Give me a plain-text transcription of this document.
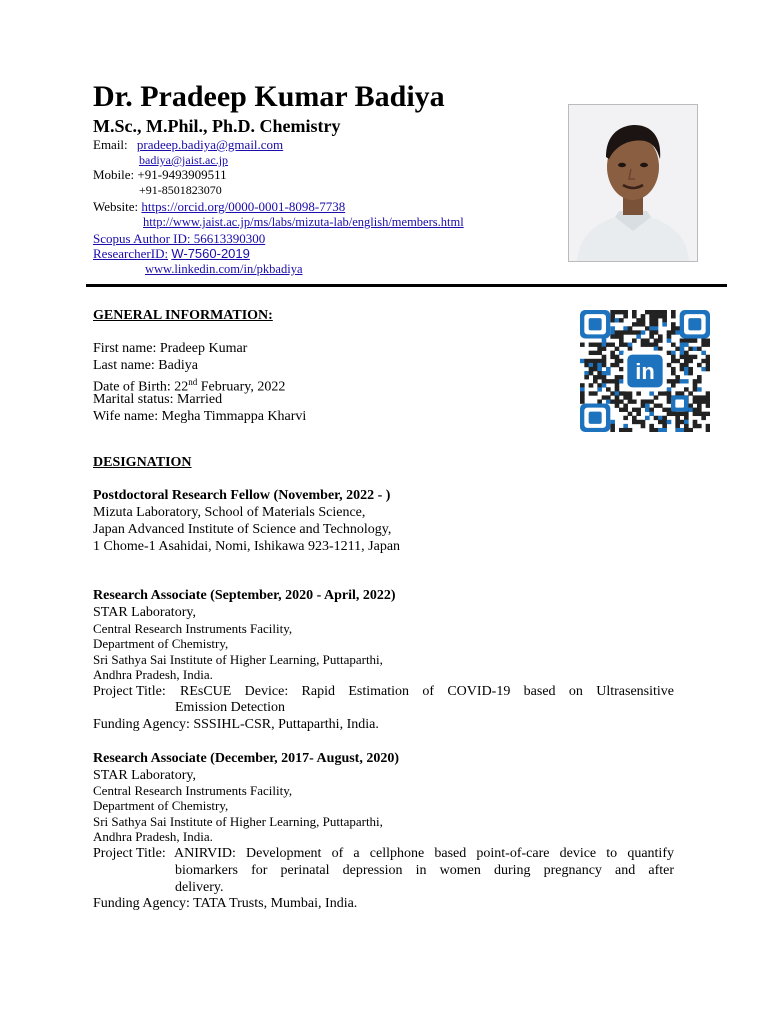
Dr. Pradeep Kumar Badiya
M.Sc., M.Phil., Ph.D. Chemistry
Email: pradeep.badiya@gmail.com
badiya@jaist.ac.jp
Mobile: +91-9493909511
+91-8501823070
Website: https://orcid.org/0000-0001-8098-7738
http://www.jaist.ac.jp/ms/labs/mizuta-lab/english/members.html
Scopus Author ID: 56613390300
ResearcherID: W-7560-2019
www.linkedin.com/in/pkbadiya
GENERAL INFORMATION:
First name: Pradeep Kumar
Last name: Badiya
Date of Birth: 22nd February, 2022
Marital status: Married
Wife name: Megha Timmappa Kharvi
in
DESIGNATION
Postdoctoral Research Fellow (November, 2022 - )
Mizuta Laboratory, School of Materials Science,
Japan Advanced Institute of Science and Technology,
1 Chome-1 Asahidai, Nomi, Ishikawa 923-1211, Japan
Research Associate (September, 2020 - April, 2022)
STAR Laboratory,
Central Research Instruments Facility,
Department of Chemistry,
Sri Sathya Sai Institute of Higher Learning, Puttaparthi,
Andhra Pradesh, India.
Project Title: REsCUE Device: Rapid Estimation of COVID-19 based on Ultrasensitive
Emission Detection
Funding Agency: SSSIHL-CSR, Puttaparthi, India.
Research Associate (December, 2017- August, 2020)
STAR Laboratory,
Central Research Instruments Facility,
Department of Chemistry,
Sri Sathya Sai Institute of Higher Learning, Puttaparthi,
Andhra Pradesh, India.
Project Title: ANIRVID: Development of a cellphone based point-of-care device to quantify
biomarkers for perinatal depression in women during pregnancy and after
delivery.
Funding Agency: TATA Trusts, Mumbai, India.
